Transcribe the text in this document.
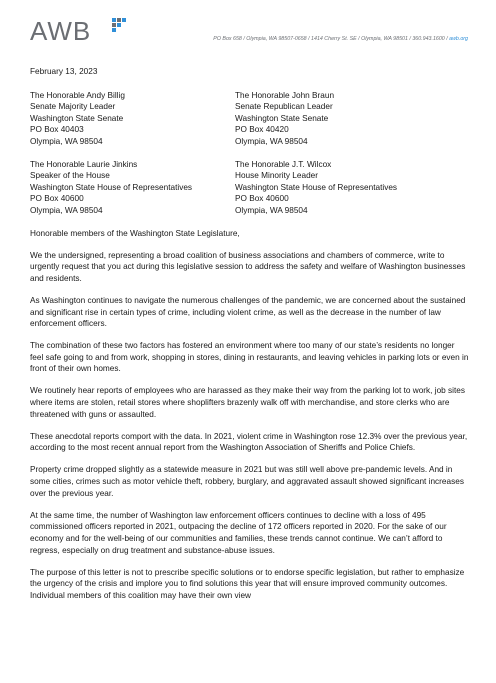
AWB	PO Box 658 / Olympia, WA 98507-0658 / 1414 Cherry St. SE / Olympia, WA 98501 / 360.943.1600 / awb.org
February 13, 2023
The Honorable Andy Billig
Senate Majority Leader
Washington State Senate
PO Box 40403
Olympia, WA 98504
The Honorable John Braun
Senate Republican Leader
Washington State Senate
PO Box 40420
Olympia, WA 98504
The Honorable Laurie Jinkins
Speaker of the House
Washington State House of Representatives
PO Box 40600
Olympia, WA 98504
The Honorable J.T. Wilcox
House Minority Leader
Washington State House of Representatives
PO Box 40600
Olympia, WA 98504

Honorable members of the Washington State Legislature,

We the undersigned, representing a broad coalition of business associations and chambers of commerce, write to urgently request that you act during this legislative session to address the safety and welfare of Washington businesses and residents.

As Washington continues to navigate the numerous challenges of the pandemic, we are concerned about the sustained and significant rise in certain types of crime, including violent crime, as well as the decrease in the number of law enforcement officers.

The combination of these two factors has fostered an environment where too many of our state’s residents no longer feel safe going to and from work, shopping in stores, dining in restaurants, and leaving vehicles in parking lots or even in front of their own homes.

We routinely hear reports of employees who are harassed as they make their way from the parking lot to work, job sites where items are stolen, retail stores where shoplifters brazenly walk off with merchandise, and store clerks who are threatened with guns or assaulted.

These anecdotal reports comport with the data. In 2021, violent crime in Washington rose 12.3% over the previous year, according to the most recent annual report from the Washington Association of Sheriffs and Police Chiefs.

Property crime dropped slightly as a statewide measure in 2021 but was still well above pre-pandemic levels. And in some cities, crimes such as motor vehicle theft, robbery, burglary, and aggravated assault showed significant increases over the previous year.

At the same time, the number of Washington law enforcement officers continues to decline with a loss of 495 commissioned officers reported in 2021, outpacing the decline of 172 officers reported in 2020. For the sake of our economy and for the well-being of our communities and families, these trends cannot continue. We can’t afford to regress, especially on drug treatment and substance-abuse issues.

The purpose of this letter is not to prescribe specific solutions or to endorse specific legislation, but rather to emphasize the urgency of the crisis and implore you to find solutions this year that will ensure improved community outcomes. Individual members of this coalition may have their own view
